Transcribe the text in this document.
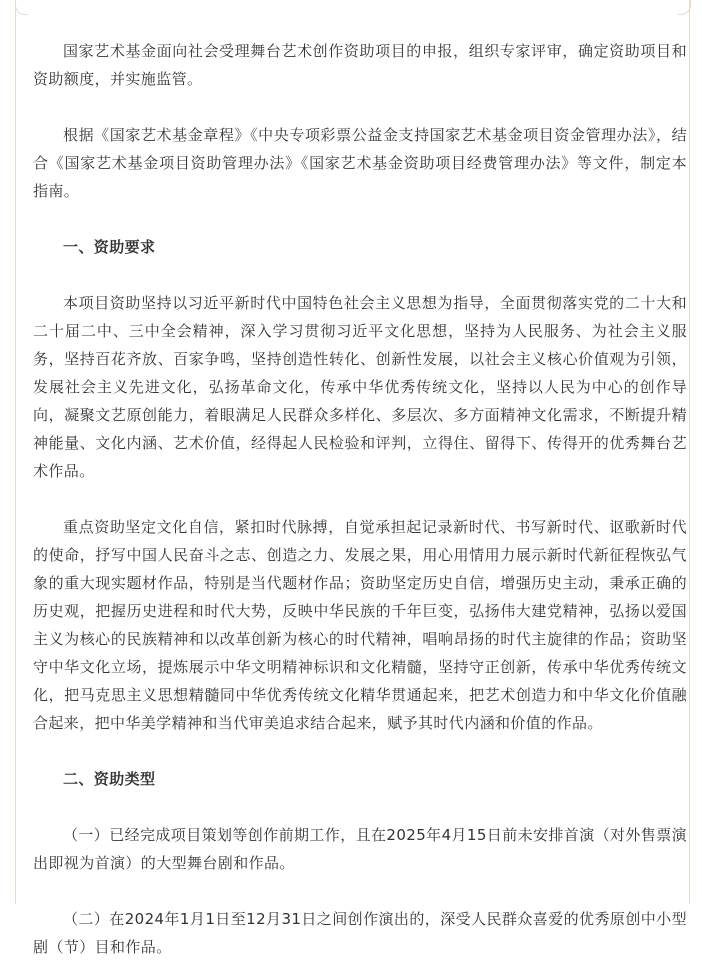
国家艺术基金面向社会受理舞台艺术创作资助项目的申报，组织专家评审，确定资助项目和资助额度，并实施监管。

根据《国家艺术基金章程》《中央专项彩票公益金支持国家艺术基金项目资金管理办法》，结合《国家艺术基金项目资助管理办法》《国家艺术基金资助项目经费管理办法》等文件，制定本指南。

一、资助要求

本项目资助坚持以习近平新时代中国特色社会主义思想为指导，全面贯彻落实党的二十大和二十届二中、三中全会精神，深入学习贯彻习近平文化思想，坚持为人民服务、为社会主义服务，坚持百花齐放、百家争鸣，坚持创造性转化、创新性发展，以社会主义核心价值观为引领，发展社会主义先进文化，弘扬革命文化，传承中华优秀传统文化，坚持以人民为中心的创作导向，凝聚文艺原创能力，着眼满足人民群众多样化、多层次、多方面精神文化需求，不断提升精神能量、文化内涵、艺术价值，经得起人民检验和评判，立得住、留得下、传得开的优秀舞台艺术作品。

重点资助坚定文化自信，紧扣时代脉搏，自觉承担起记录新时代、书写新时代、讴歌新时代的使命，抒写中国人民奋斗之志、创造之力、发展之果，用心用情用力展示新时代新征程恢弘气象的重大现实题材作品，特别是当代题材作品；资助坚定历史自信，增强历史主动，秉承正确的历史观，把握历史进程和时代大势，反映中华民族的千年巨变，弘扬伟大建党精神，弘扬以爱国主义为核心的民族精神和以改革创新为核心的时代精神，唱响昂扬的时代主旋律的作品；资助坚守中华文化立场，提炼展示中华文明精神标识和文化精髓，坚持守正创新，传承中华优秀传统文化，把马克思主义思想精髓同中华优秀传统文化精华贯通起来，把艺术创造力和中华文化价值融合起来，把中华美学精神和当代审美追求结合起来，赋予其时代内涵和价值的作品。

二、资助类型

（一）已经完成项目策划等创作前期工作，且在2025年4月15日前未安排首演（对外售票演出即视为首演）的大型舞台剧和作品。

（二）在2024年1月1日至12月31日之间创作演出的，深受人民群众喜爱的优秀原创中小型剧（节）目和作品。
